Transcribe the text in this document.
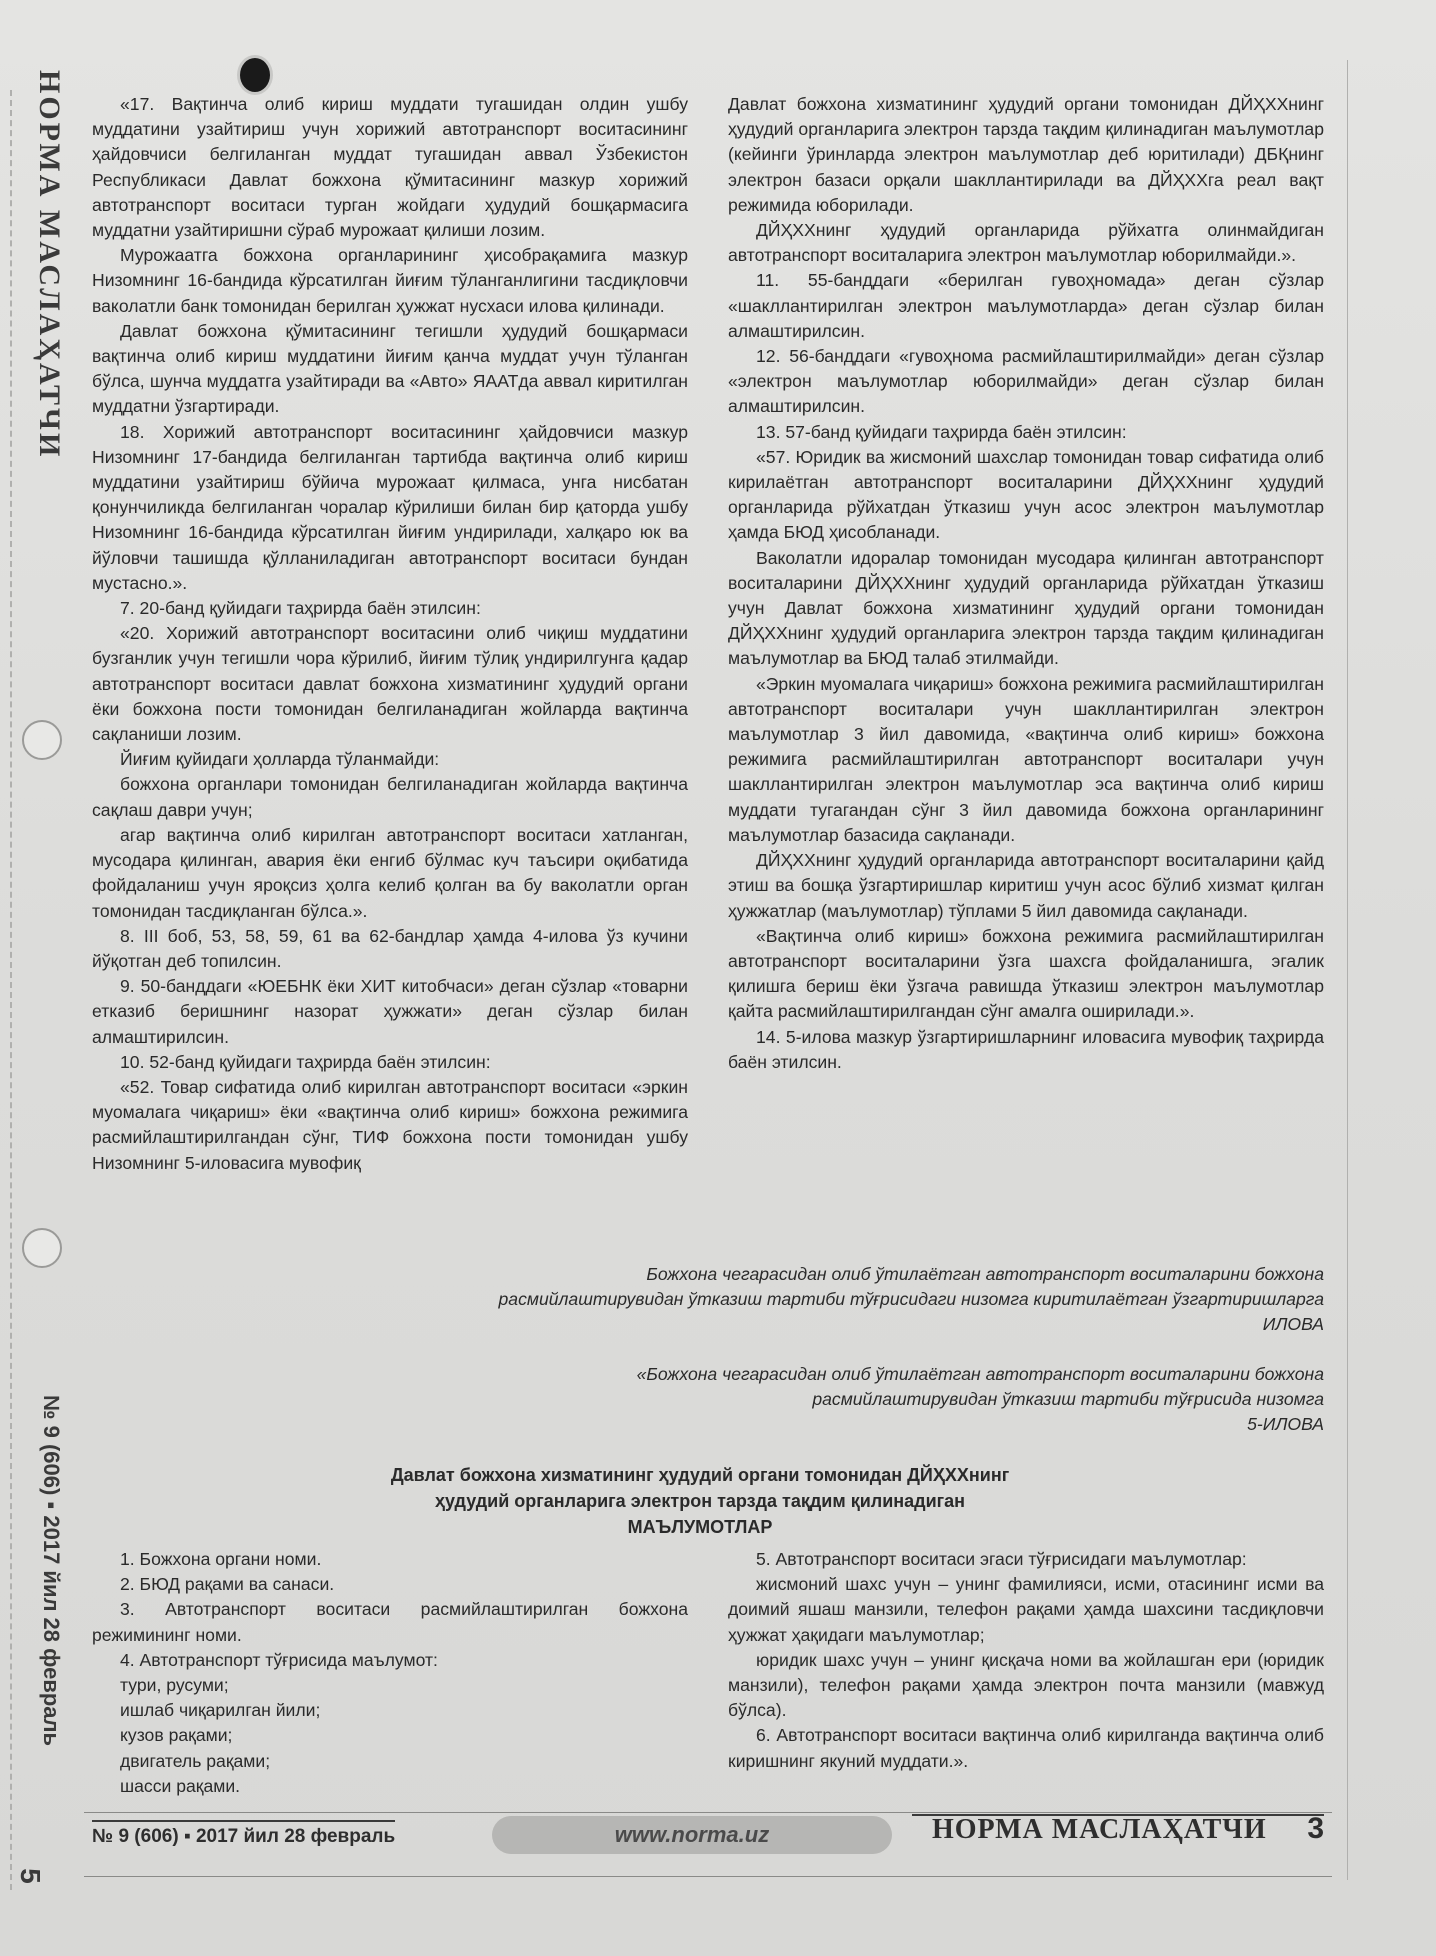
НОРМА МАСЛАҲАТЧИ
№ 9 (606) ▪ 2017 йил 28 февраль
5

«17. Вақтинча олиб кириш муддати тугашидан олдин ушбу муддатини узайтириш учун хорижий автотранспорт воситасининг ҳайдовчиси белгиланган муддат тугашидан аввал Ўзбекистон Республикаси Давлат божхона қўмитасининг мазкур хорижий автотранспорт воситаси турган жойдаги ҳудудий бошқармасига муддатни узайтиришни сўраб мурожаат қилиши лозим.

Мурожаатга божхона органларининг ҳисобрақамига мазкур Низомнинг 16-бандида кўрсатилган йиғим тўланганлигини тасдиқловчи ваколатли банк томонидан берилган ҳужжат нусхаси илова қилинади.

Давлат божхона қўмитасининг тегишли ҳудудий бошқармаси вақтинча олиб кириш муддатини йиғим қанча муддат учун тўланган бўлса, шунча муддатга узайтиради ва «Авто» ЯААТда аввал киритилган муддатни ўзгартиради.

18. Хорижий автотранспорт воситасининг ҳайдовчиси мазкур Низомнинг 17-бандида белгиланган тартибда вақтинча олиб кириш муддатини узайтириш бўйича мурожаат қилмаса, унга нисбатан қонунчиликда белгиланган чоралар кўрилиши билан бир қаторда ушбу Низомнинг 16-бандида кўрсатилган йиғим ундирилади, халқаро юк ва йўловчи ташишда қўлланиладиган автотранспорт воситаси бундан мустасно.».

7. 20-банд қуйидаги таҳрирда баён этилсин:

«20. Хорижий автотранспорт воситасини олиб чиқиш муддатини бузганлик учун тегишли чора кўрилиб, йиғим тўлиқ ундирилгунга қадар автотранспорт воситаси давлат божхона хизматининг ҳудудий органи ёки божхона пости томонидан белгиланадиган жойларда вақтинча сақланиши лозим.

Йиғим қуйидаги ҳолларда тўланмайди:

божхона органлари томонидан белгиланадиган жойларда вақтинча сақлаш даври учун;

агар вақтинча олиб кирилган автотранспорт воситаси хатланган, мусодара қилинган, авария ёки енгиб бўлмас куч таъсири оқибатида фойдаланиш учун яроқсиз ҳолга келиб қолган ва бу ваколатли орган томонидан тасдиқланган бўлса.».

8. III боб, 53, 58, 59, 61 ва 62-бандлар ҳамда 4-илова ўз кучини йўқотган деб топилсин.

9. 50-банддаги «ЮЕБНК ёки ХИТ китобчаси» деган сўзлар «товарни етказиб беришнинг назорат ҳужжати» деган сўзлар билан алмаштирилсин.

10. 52-банд қуйидаги таҳрирда баён этилсин:

«52. Товар сифатида олиб кирилган автотранспорт воситаси «эркин муомалага чиқариш» ёки «вақтинча олиб кириш» божхона режимига расмийлаштирилгандан сўнг, ТИФ божхона пости томонидан ушбу Низомнинг 5-иловасига мувофиқ

Давлат божхона хизматининг ҳудудий органи томонидан ДЙҲХХнинг ҳудудий органларига электрон тарзда тақдим қилинадиган маълумотлар (кейинги ўринларда электрон маълумотлар деб юритилади) ДБҚнинг электрон базаси орқали шакллантирилади ва ДЙҲХХга реал вақт режимида юборилади.

ДЙҲХХнинг ҳудудий органларида рўйхатга олинмайдиган автотранспорт воситаларига электрон маълумотлар юборилмайди.».

11. 55-банддаги «берилган гувоҳномада» деган сўзлар «шакллантирилган электрон маълумотларда» деган сўзлар билан алмаштирилсин.

12. 56-банддаги «гувоҳнома расмийлаштирилмайди» деган сўзлар «электрон маълумотлар юборилмайди» деган сўзлар билан алмаштирилсин.

13. 57-банд қуйидаги таҳрирда баён этилсин:

«57. Юридик ва жисмоний шахслар томонидан товар сифатида олиб кирилаётган автотранспорт воситаларини ДЙҲХХнинг ҳудудий органларида рўйхатдан ўтказиш учун асос электрон маълумотлар ҳамда БЮД ҳисобланади.

Ваколатли идоралар томонидан мусодара қилинган автотранспорт воситаларини ДЙҲХХнинг ҳудудий органларида рўйхатдан ўтказиш учун Давлат божхона хизматининг ҳудудий органи томонидан ДЙҲХХнинг ҳудудий органларига электрон тарзда тақдим қилинадиган маълумотлар ва БЮД талаб этилмайди.

«Эркин муомалага чиқариш» божхона режимига расмийлаштирилган автотранспорт воситалари учун шакллантирилган электрон маълумотлар 3 йил давомида, «вақтинча олиб кириш» божхона режимига расмийлаштирилган автотранспорт воситалари учун шакллантирилган электрон маълумотлар эса вақтинча олиб кириш муддати тугагандан сўнг 3 йил давомида божхона органларининг маълумотлар базасида сақланади.

ДЙҲХХнинг ҳудудий органларида автотранспорт воситаларини қайд этиш ва бошқа ўзгартиришлар киритиш учун асос бўлиб хизмат қилган ҳужжатлар (маълумотлар) тўплами 5 йил давомида сақланади.

«Вақтинча олиб кириш» божхона режимига расмийлаштирилган автотранспорт воситаларини ўзга шахсга фойдаланишга, эгалик қилишга бериш ёки ўзгача равишда ўтказиш электрон маълумотлар қайта расмийлаштирилгандан сўнг амалга оширилади.».

14. 5-илова мазкур ўзгартиришларнинг иловасига мувофиқ таҳрирда баён этилсин.

Божхона чегарасидан олиб ўтилаётган автотранспорт воситаларини божхона
расмийлаштирувидан ўтказиш тартиби тўғрисидаги низомга киритилаётган ўзгартиришларга
ИЛОВА
«Божхона чегарасидан олиб ўтилаётган автотранспорт воситаларини божхона
расмийлаштирувидан ўтказиш тартиби тўғрисида низомга
5-ИЛОВА
Давлат божхона хизматининг ҳудудий органи томонидан ДЙҲХХнинг
ҳудудий органларига электрон тарзда тақдим қилинадиган
МАЪЛУМОТЛАР

1. Божхона органи номи.

2. БЮД рақами ва санаси.

3. Автотранспорт воситаси расмийлаштирилган божхона режимининг номи.

4. Автотранспорт тўғрисида маълумот:

тури, русуми;

ишлаб чиқарилган йили;

кузов рақами;

двигатель рақами;

шасси рақами.

5. Автотранспорт воситаси эгаси тўғрисидаги маълумотлар:

жисмоний шахс учун – унинг фамилияси, исми, отасининг исми ва доимий яшаш манзили, телефон рақами ҳамда шахсини тасдиқловчи ҳужжат ҳақидаги маълумотлар;

юридик шахс учун – унинг қисқача номи ва жойлашган ери (юридик манзили), телефон рақами ҳамда электрон почта манзили (мавжуд бўлса).

6. Автотранспорт воситаси вақтинча олиб кирилганда вақтинча олиб киришнинг якуний муддати.».

№ 9 (606) ▪ 2017 йил 28 февраль	www.norma.uz	НОРМА МАСЛАҲАТЧИ 3
